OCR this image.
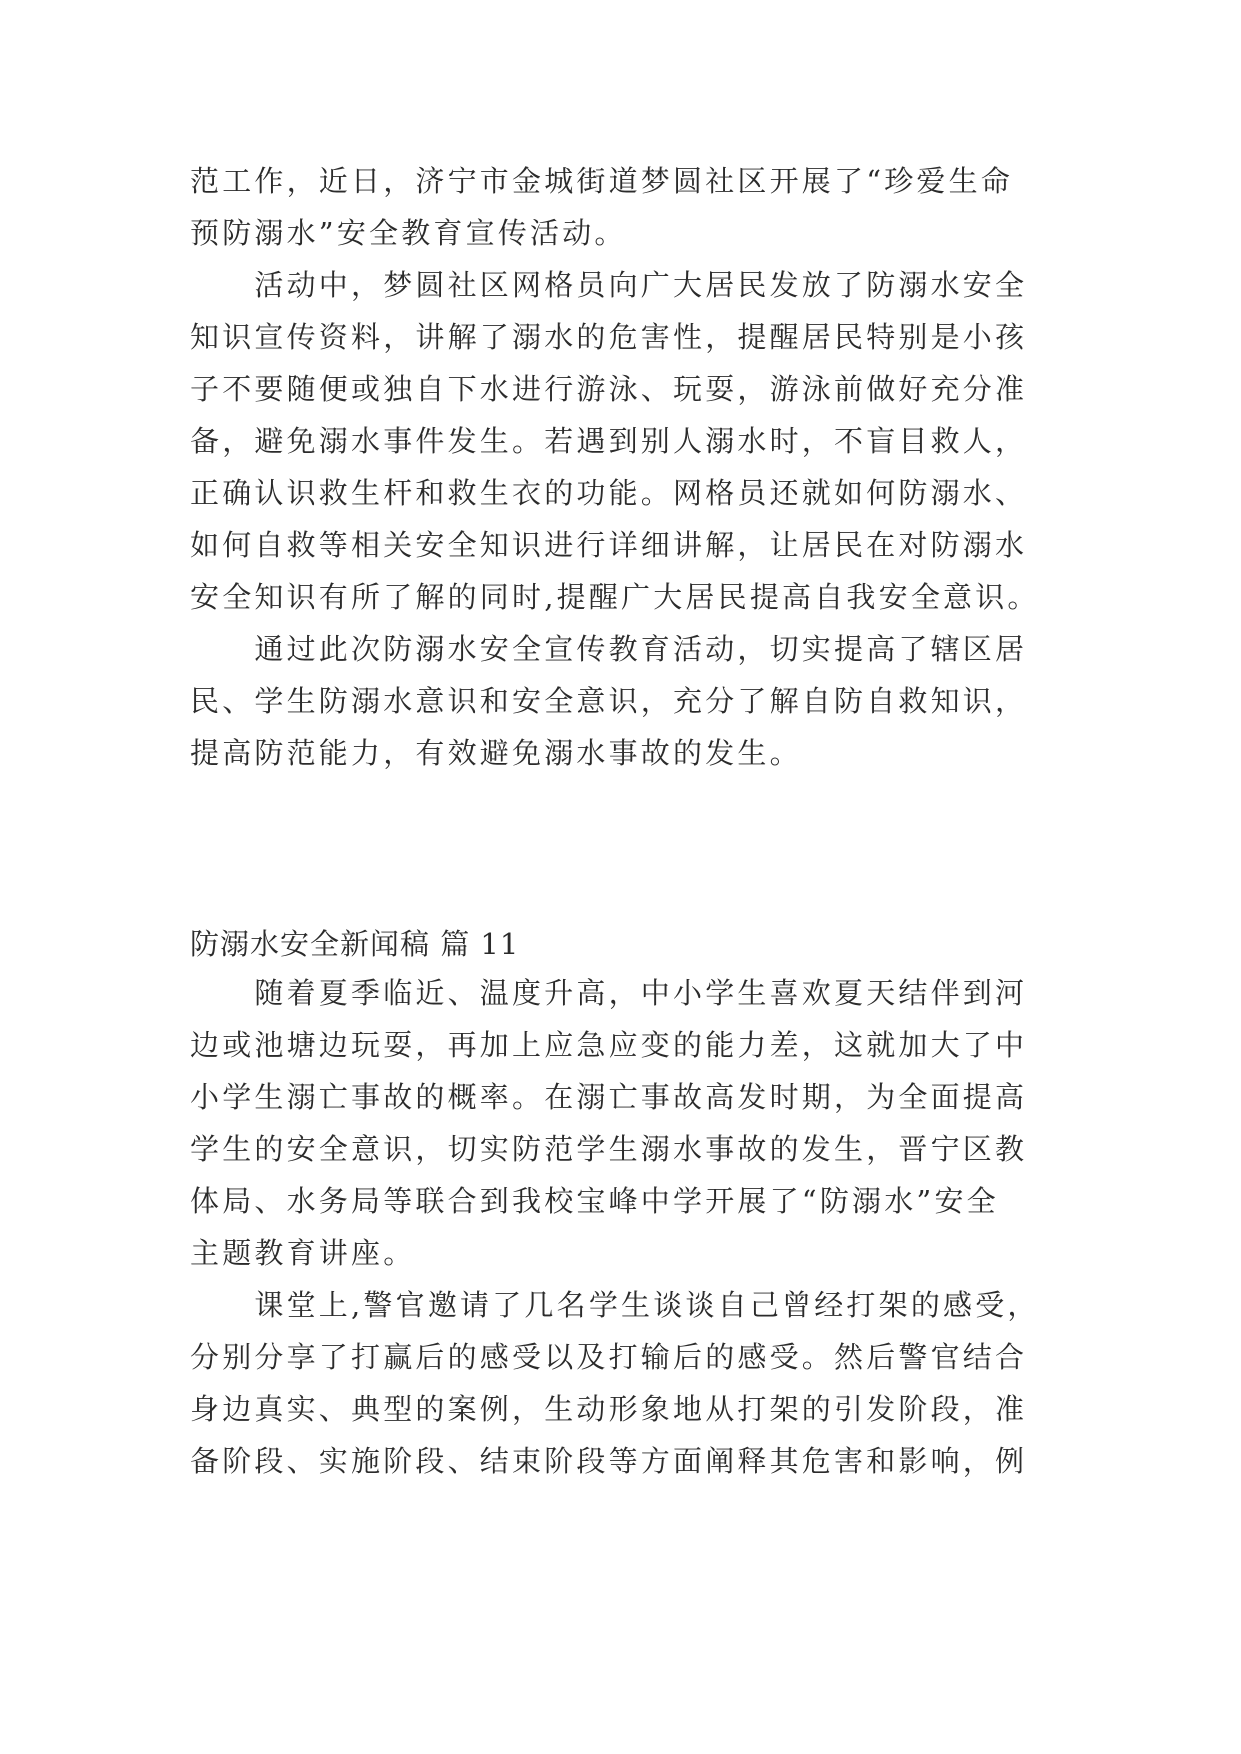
范工作，近日，济宁市金城街道梦圆社区开展了“珍爱生命
预防溺水”安全教育宣传活动。
　　活动中，梦圆社区网格员向广大居民发放了防溺水安全
知识宣传资料，讲解了溺水的危害性，提醒居民特别是小孩
子不要随便或独自下水进行游泳、玩耍，游泳前做好充分准
备，避免溺水事件发生。若遇到别人溺水时，不盲目救人，
正确认识救生杆和救生衣的功能。网格员还就如何防溺水、
如何自救等相关安全知识进行详细讲解，让居民在对防溺水
安全知识有所了解的同时,提醒广大居民提高自我安全意识。
　　通过此次防溺水安全宣传教育活动，切实提高了辖区居
民、学生防溺水意识和安全意识，充分了解自防自救知识，
提高防范能力，有效避免溺水事故的发生。
防溺水安全新闻稿 篇 11
　　随着夏季临近、温度升高，中小学生喜欢夏天结伴到河
边或池塘边玩耍，再加上应急应变的能力差，这就加大了中
小学生溺亡事故的概率。在溺亡事故高发时期，为全面提高
学生的安全意识，切实防范学生溺水事故的发生，晋宁区教
体局、水务局等联合到我校宝峰中学开展了“防溺水”安全
主题教育讲座。
　　课堂上,警官邀请了几名学生谈谈自己曾经打架的感受，
分别分享了打赢后的感受以及打输后的感受。然后警官结合
身边真实、典型的案例，生动形象地从打架的引发阶段，准
备阶段、实施阶段、结束阶段等方面阐释其危害和影响，例
